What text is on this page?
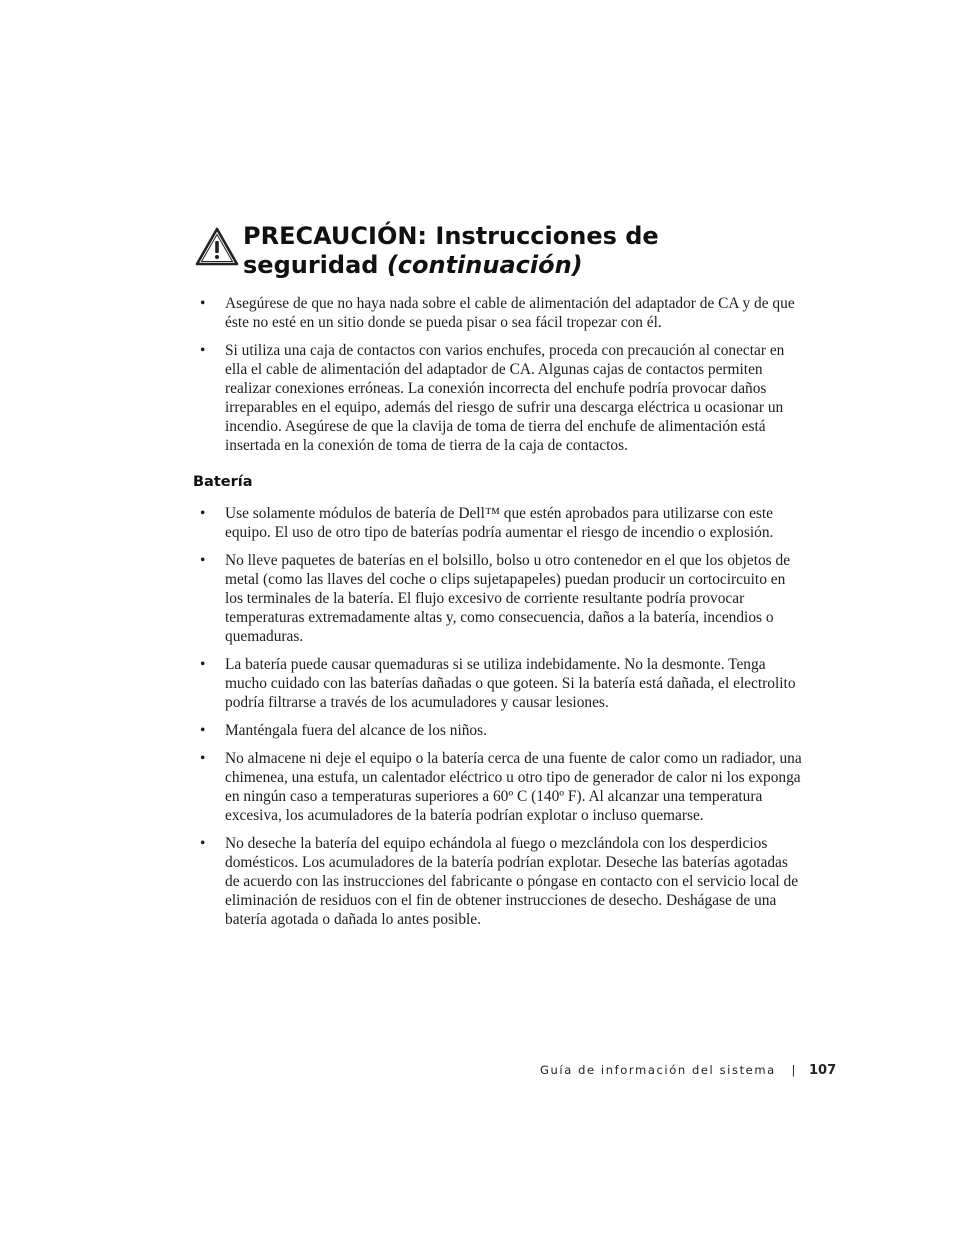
PRECAUCIÓN: Instrucciones de
seguridad (continuación)
• Asegúrese de que no haya nada sobre el cable de alimentación del adaptador de CA y de que éste no esté en un sitio donde se pueda pisar o sea fácil tropezar con él.
• Si utiliza una caja de contactos con varios enchufes, proceda con precaución al conectar en ella el cable de alimentación del adaptador de CA. Algunas cajas de contactos permiten realizar conexiones erróneas. La conexión incorrecta del enchufe podría provocar daños irreparables en el equipo, además del riesgo de sufrir una descarga eléctrica u ocasionar un incendio. Asegúrese de que la clavija de toma de tierra del enchufe de alimentación está insertada en la conexión de toma de tierra de la caja de contactos.
Batería
• Use solamente módulos de batería de Dell™ que estén aprobados para utilizarse con este equipo. El uso de otro tipo de baterías podría aumentar el riesgo de incendio o explosión.
• No lleve paquetes de baterías en el bolsillo, bolso u otro contenedor en el que los objetos de metal (como las llaves del coche o clips sujetapapeles) puedan producir un cortocircuito en los terminales de la batería. El flujo excesivo de corriente resultante podría provocar temperaturas extremadamente altas y, como consecuencia, daños a la batería, incendios o quemaduras.
• La batería puede causar quemaduras si se utiliza indebidamente. No la desmonte. Tenga mucho cuidado con las baterías dañadas o que goteen. Si la batería está dañada, el electrolito podría filtrarse a través de los acumuladores y causar lesiones.
• Manténgala fuera del alcance de los niños.
• No almacene ni deje el equipo o la batería cerca de una fuente de calor como un radiador, una chimenea, una estufa, un calentador eléctrico u otro tipo de generador de calor ni los exponga en ningún caso a temperaturas superiores a 60º C (140º F). Al alcanzar una temperatura excesiva, los acumuladores de la batería podrían explotar o incluso quemarse.
• No deseche la batería del equipo echándola al fuego o mezclándola con los desperdicios domésticos. Los acumuladores de la batería podrían explotar. Deseche las baterías agotadas de acuerdo con las instrucciones del fabricante o póngase en contacto con el servicio local de eliminación de residuos con el fin de obtener instrucciones de desecho. Deshágase de una batería agotada o dañada lo antes posible.
Guía de información del sistema | 107
